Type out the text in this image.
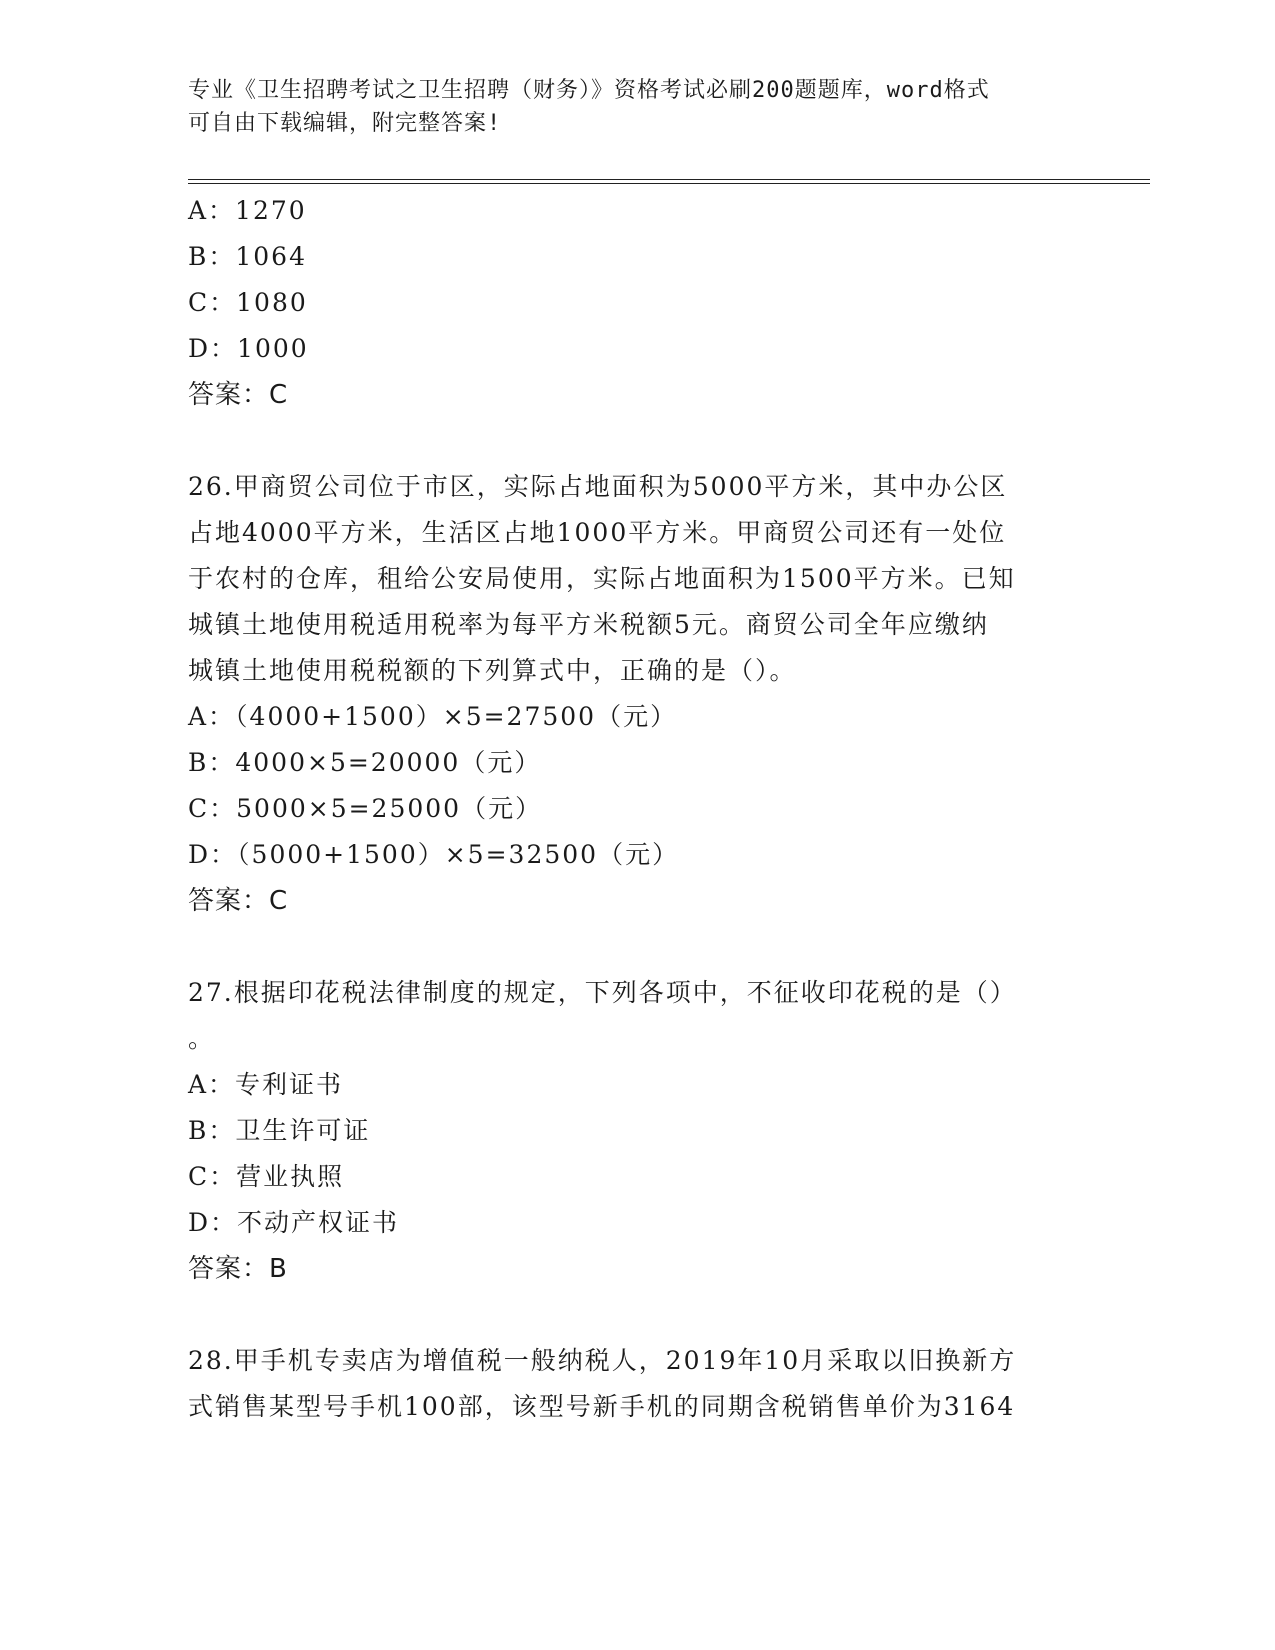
专业《卫生招聘考试之卫生招聘（财务）》资格考试必刷200题题库，word格式
可自由下载编辑，附完整答案!
A：1270
B：1064
C：1080
D：1000
答案：C
26.甲商贸公司位于市区，实际占地面积为5000平方米，其中办公区
占地4000平方米，生活区占地1000平方米。甲商贸公司还有一处位
于农村的仓库，租给公安局使用，实际占地面积为1500平方米。已知
城镇土地使用税适用税率为每平方米税额5元。商贸公司全年应缴纳
城镇土地使用税税额的下列算式中，正确的是（）。
A：（4000+1500）×5=27500（元）
B：4000×5=20000（元）
C：5000×5=25000（元）
D：（5000+1500）×5=32500（元）
答案：C
27.根据印花税法律制度的规定，下列各项中，不征收印花税的是（）
。
A：专利证书
B：卫生许可证
C：营业执照
D：不动产权证书
答案：B
28.甲手机专卖店为增值税一般纳税人，2019年10月采取以旧换新方
式销售某型号手机100部，该型号新手机的同期含税销售单价为3164
